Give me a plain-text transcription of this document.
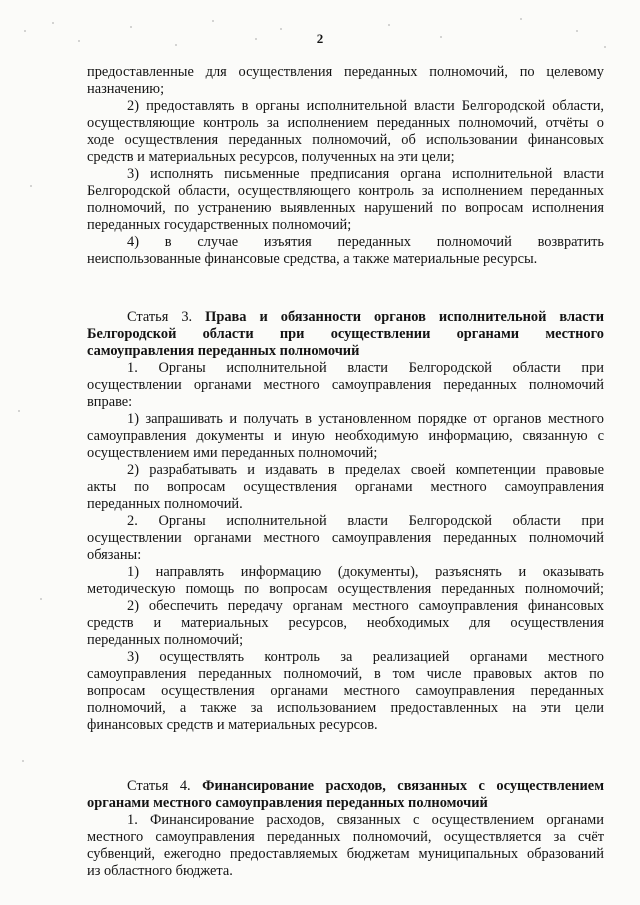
2
предоставленные для осуществления переданных полномочий, по целевому
назначению;
2) предоставлять в органы исполнительной власти Белгородской области,
осуществляющие контроль за исполнением переданных полномочий, отчёты о
ходе осуществления переданных полномочий, об использовании финансовых
средств и материальных ресурсов, полученных на эти цели;
3) исполнять письменные предписания органа исполнительной власти
Белгородской области, осуществляющего контроль за исполнением переданных
полномочий, по устранению выявленных нарушений по вопросам исполнения
переданных государственных полномочий;
4) в случае изъятия переданных полномочий возвратить
неиспользованные финансовые средства, а также материальные ресурсы.
Статья 3. Права и обязанности органов исполнительной власти
Белгородской области при осуществлении органами местного
самоуправления переданных полномочий
1. Органы исполнительной власти Белгородской области при
осуществлении органами местного самоуправления переданных полномочий
вправе:
1) запрашивать и получать в установленном порядке от органов местного
самоуправления документы и иную необходимую информацию, связанную с
осуществлением ими переданных полномочий;
2) разрабатывать и издавать в пределах своей компетенции правовые
акты по вопросам осуществления органами местного самоуправления
переданных полномочий.
2. Органы исполнительной власти Белгородской области при
осуществлении органами местного самоуправления переданных полномочий
обязаны:
1) направлять информацию (документы), разъяснять и оказывать
методическую помощь по вопросам осуществления переданных полномочий;
2) обеспечить передачу органам местного самоуправления финансовых
средств и материальных ресурсов, необходимых для осуществления
переданных полномочий;
3) осуществлять контроль за реализацией органами местного
самоуправления переданных полномочий, в том числе правовых актов по
вопросам осуществления органами местного самоуправления переданных
полномочий, а также за использованием предоставленных на эти цели
финансовых средств и материальных ресурсов.
Статья 4. Финансирование расходов, связанных с осуществлением
органами местного самоуправления переданных полномочий
1. Финансирование расходов, связанных с осуществлением органами
местного самоуправления переданных полномочий, осуществляется за счёт
субвенций, ежегодно предоставляемых бюджетам муниципальных образований
из областного бюджета.
